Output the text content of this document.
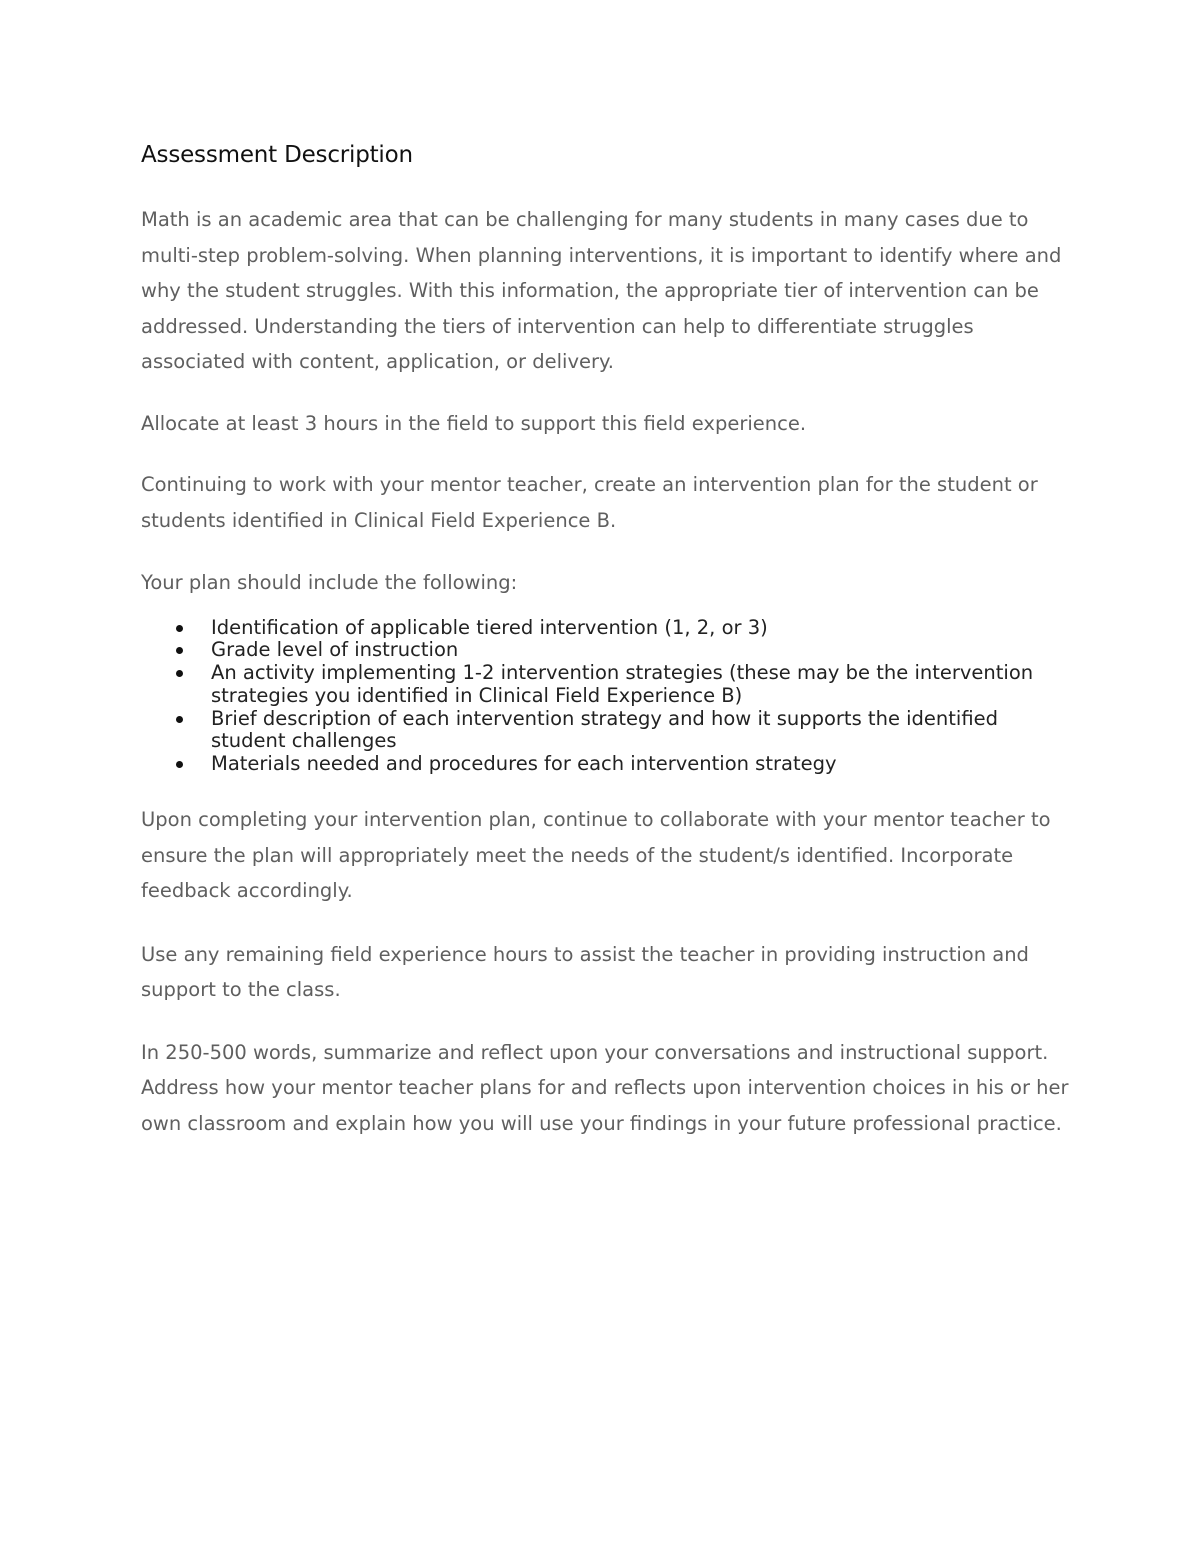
Assessment Description

Math is an academic area that can be challenging for many students in many cases due to multi-step problem-solving. When planning interventions, it is important to identify where and why the student struggles. With this information, the appropriate tier of intervention can be addressed. Understanding the tiers of intervention can help to differentiate struggles associated with content, application, or delivery.

Allocate at least 3 hours in the field to support this field experience.

Continuing to work with your mentor teacher, create an intervention plan for the student or students identified in Clinical Field Experience B.

Your plan should include the following:

Identification of applicable tiered intervention (1, 2, or 3)
Grade level of instruction
An activity implementing 1-2 intervention strategies (these may be the intervention strategies you identified in Clinical Field Experience B)
Brief description of each intervention strategy and how it supports the identified student challenges
Materials needed and procedures for each intervention strategy

Upon completing your intervention plan, continue to collaborate with your mentor teacher to ensure the plan will appropriately meet the needs of the student/s identified. Incorporate feedback accordingly.

Use any remaining field experience hours to assist the teacher in providing instruction and support to the class.

In 250-500 words, summarize and reflect upon your conversations and instructional support. Address how your mentor teacher plans for and reflects upon intervention choices in his or her own classroom and explain how you will use your findings in your future professional practice.
